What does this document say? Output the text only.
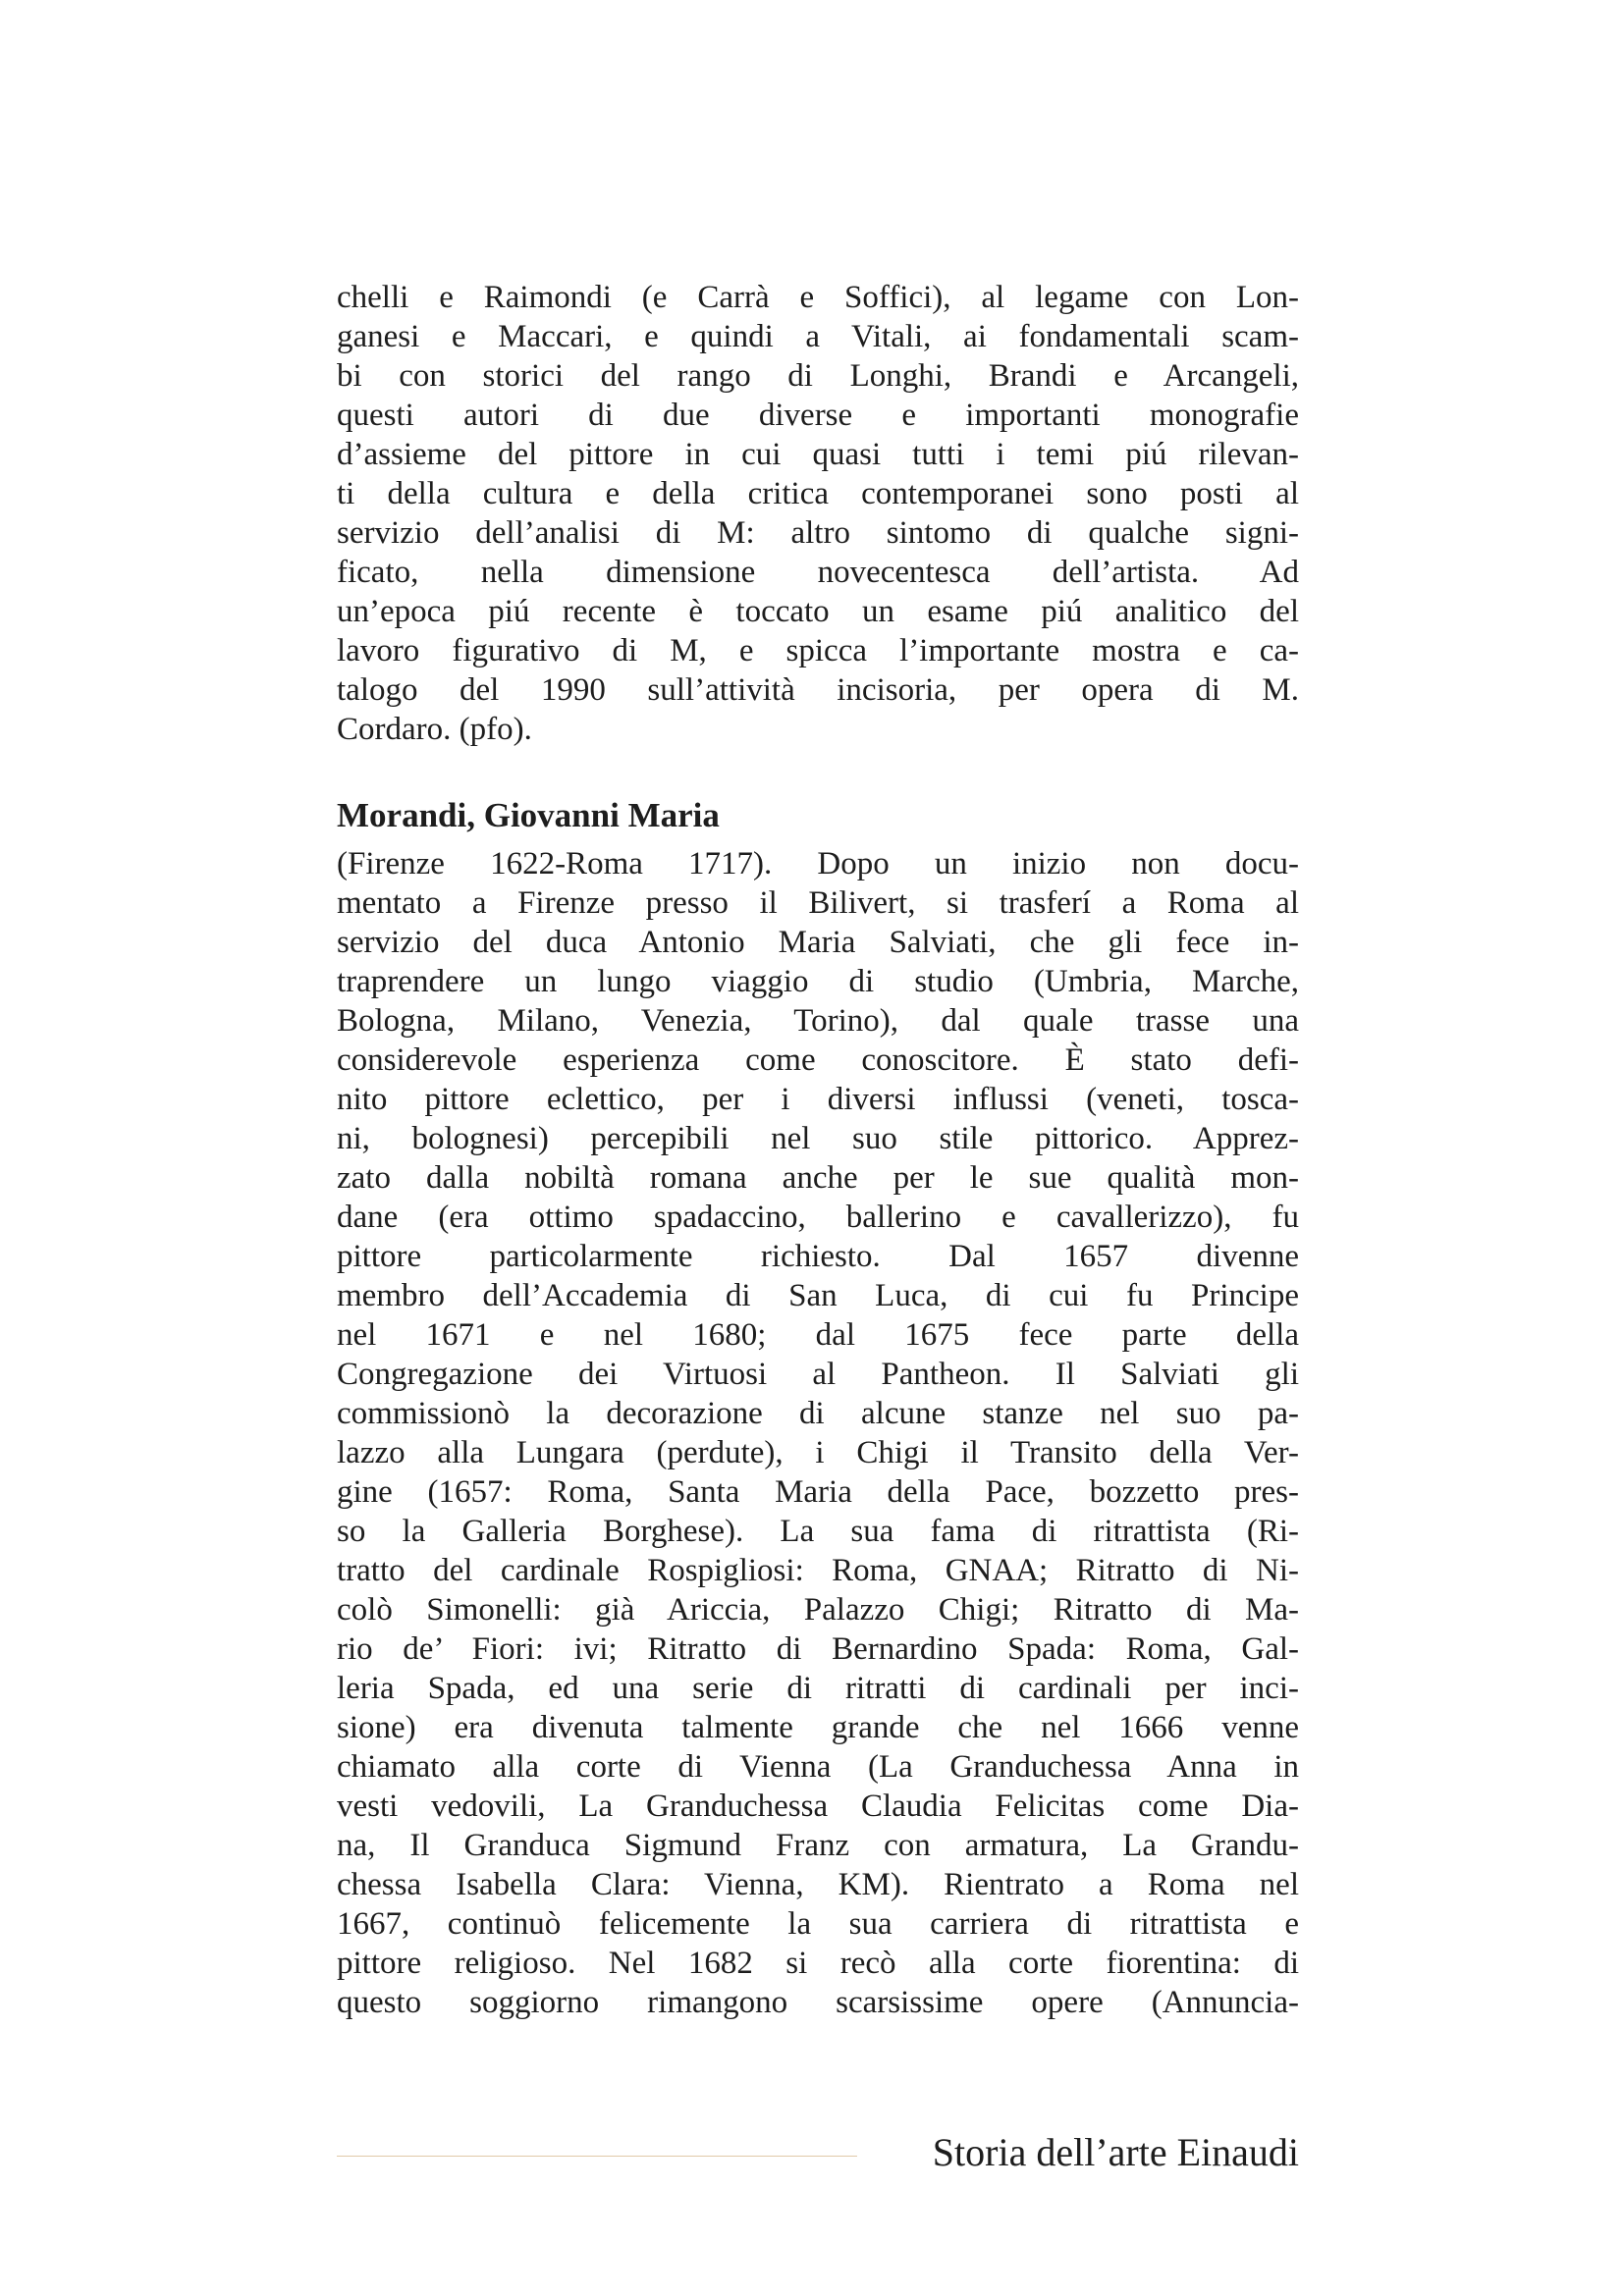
chelli e Raimondi (e Carrà e Soffici), al legame con Lon-
ganesi e Maccari, e quindi a Vitali, ai fondamentali scam-
bi con storici del rango di Longhi, Brandi e Arcangeli,
questi autori di due diverse e importanti monografie
d’assieme del pittore in cui quasi tutti i temi piú rilevan-
ti della cultura e della critica contemporanei sono posti al
servizio dell’analisi di M: altro sintomo di qualche signi-
ficato, nella dimensione novecentesca dell’artista. Ad
un’epoca piú recente è toccato un esame piú analitico del
lavoro figurativo di M, e spicca l’importante mostra e ca-
talogo del 1990 sull’attività incisoria, per opera di M.
Cordaro. (pfo).
Morandi, Giovanni Maria
(Firenze 1622-Roma 1717). Dopo un inizio non docu-
mentato a Firenze presso il Bilivert, si trasferí a Roma al
servizio del duca Antonio Maria Salviati, che gli fece in-
traprendere un lungo viaggio di studio (Umbria, Marche,
Bologna, Milano, Venezia, Torino), dal quale trasse una
considerevole esperienza come conoscitore. È stato defi-
nito pittore eclettico, per i diversi influssi (veneti, tosca-
ni, bolognesi) percepibili nel suo stile pittorico. Apprez-
zato dalla nobiltà romana anche per le sue qualità mon-
dane (era ottimo spadaccino, ballerino e cavallerizzo), fu
pittore particolarmente richiesto. Dal 1657 divenne
membro dell’Accademia di San Luca, di cui fu Principe
nel 1671 e nel 1680; dal 1675 fece parte della
Congregazione dei Virtuosi al Pantheon. Il Salviati gli
commissionò la decorazione di alcune stanze nel suo pa-
lazzo alla Lungara (perdute), i Chigi il Transito della Ver-
gine (1657: Roma, Santa Maria della Pace, bozzetto pres-
so la Galleria Borghese). La sua fama di ritrattista (Ri-
tratto del cardinale Rospigliosi: Roma, GNAA; Ritratto di Ni-
colò Simonelli: già Ariccia, Palazzo Chigi; Ritratto di Ma-
rio de’ Fiori: ivi; Ritratto di Bernardino Spada: Roma, Gal-
leria Spada, ed una serie di ritratti di cardinali per inci-
sione) era divenuta talmente grande che nel 1666 venne
chiamato alla corte di Vienna (La Granduchessa Anna in
vesti vedovili, La Granduchessa Claudia Felicitas come Dia-
na, Il Granduca Sigmund Franz con armatura, La Grandu-
chessa Isabella Clara: Vienna, KM). Rientrato a Roma nel
1667, continuò felicemente la sua carriera di ritrattista e
pittore religioso. Nel 1682 si recò alla corte fiorentina: di
questo soggiorno rimangono scarsissime opere (Annuncia-
Storia dell’arte Einaudi
